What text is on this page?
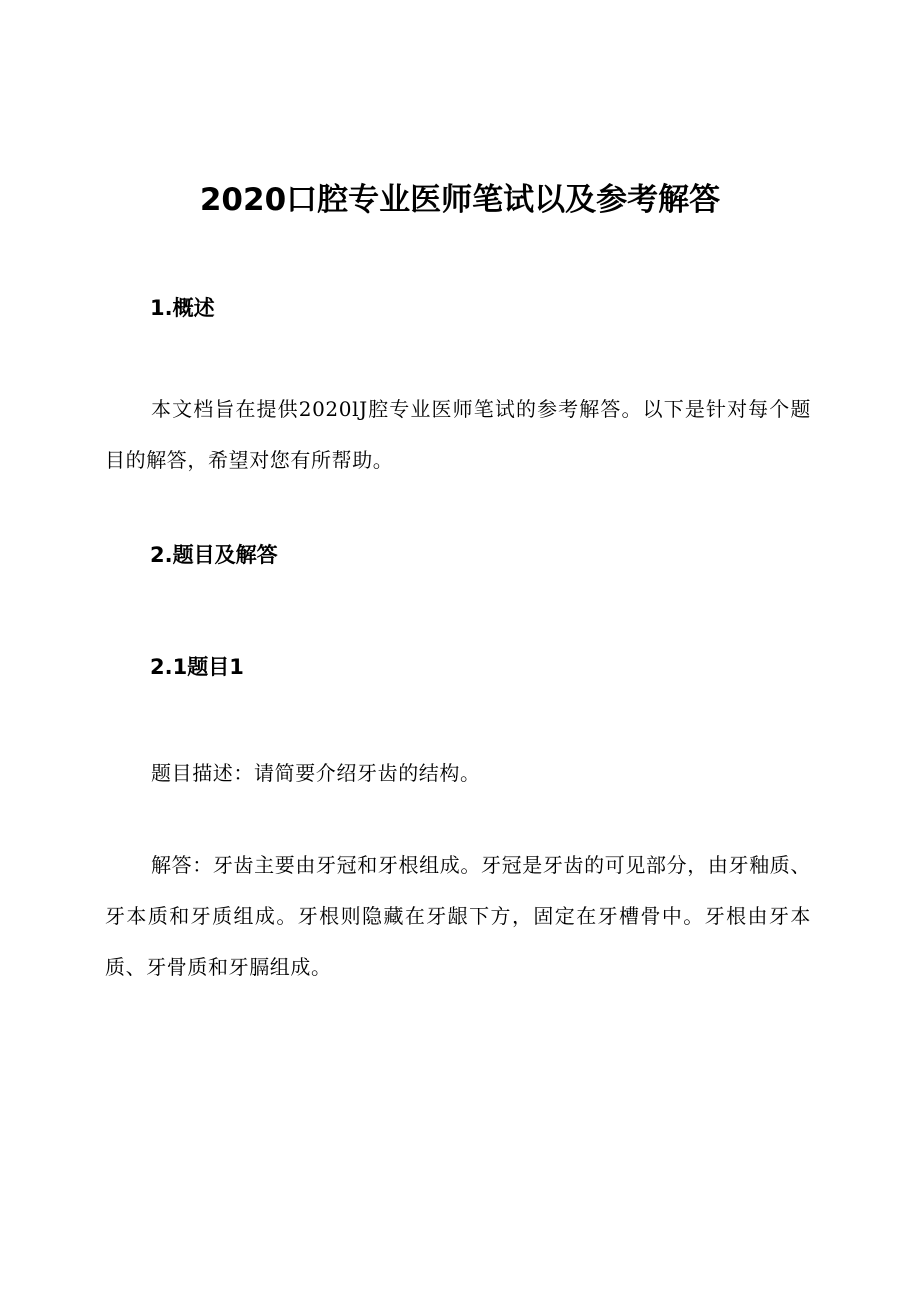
2020口腔专业医师笔试以及参考解答
1.概述
本文档旨在提供2020lJ腔专业医师笔试的参考解答。以下是针对每个题目的解答，希望对您有所帮助。
2.题目及解答
2.1题目1
题目描述：请简要介绍牙齿的结构。
解答：牙齿主要由牙冠和牙根组成。牙冠是牙齿的可见部分，由牙釉质、牙本质和牙质组成。牙根则隐藏在牙龈下方，固定在牙槽骨中。牙根由牙本质、牙骨质和牙膈组成。
